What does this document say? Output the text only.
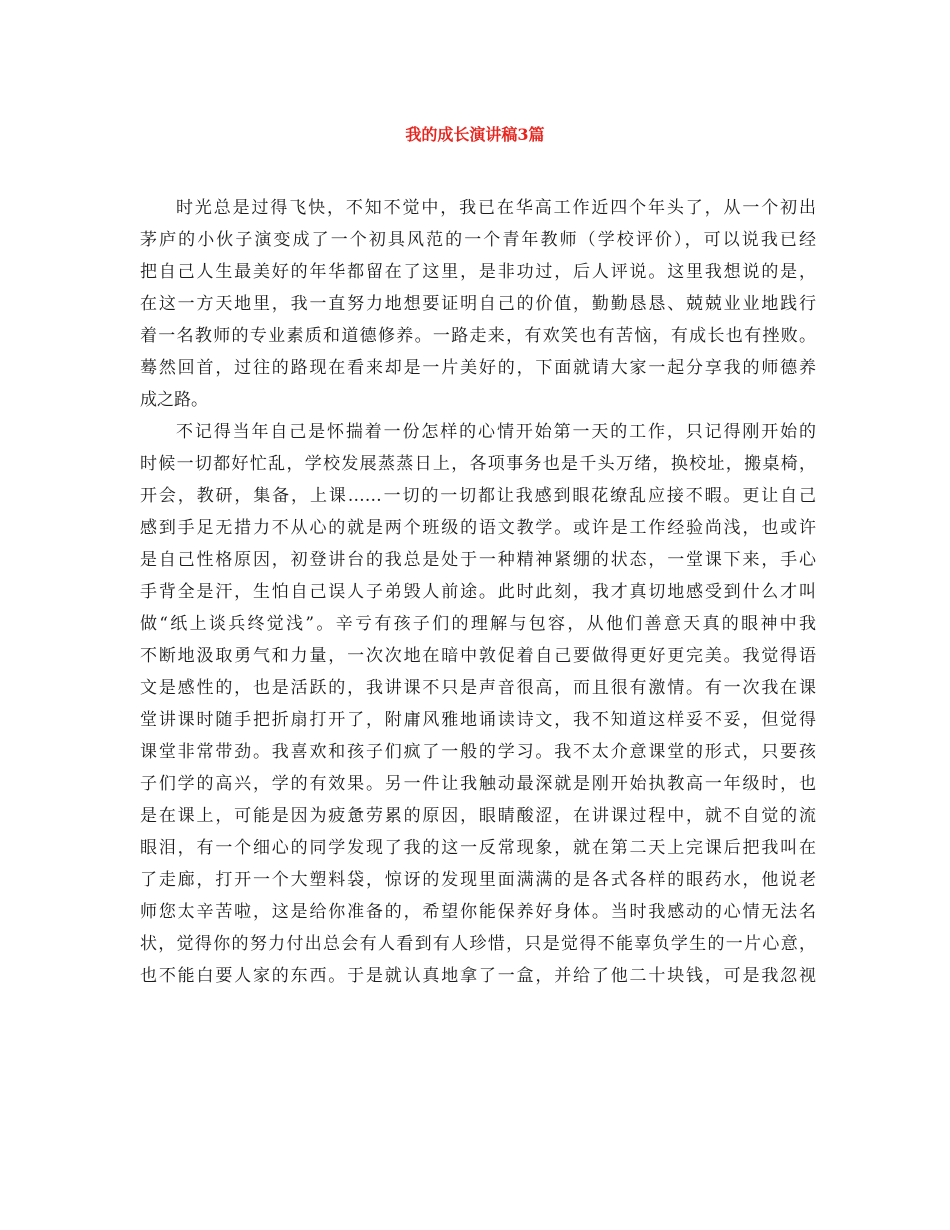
我的成长演讲稿3篇
时光总是过得飞快，不知不觉中，我已在华高工作近四个年头了，从一个初出
茅庐的小伙子演变成了一个初具风范的一个青年教师（学校评价），可以说我已经
把自己人生最美好的年华都留在了这里，是非功过，后人评说。这里我想说的是，
在这一方天地里，我一直努力地想要证明自己的价值，勤勤恳恳、兢兢业业地践行
着一名教师的专业素质和道德修养。一路走来，有欢笑也有苦恼，有成长也有挫败。
蓦然回首，过往的路现在看来却是一片美好的，下面就请大家一起分享我的师德养
成之路。
不记得当年自己是怀揣着一份怎样的心情开始第一天的工作，只记得刚开始的
时候一切都好忙乱，学校发展蒸蒸日上，各项事务也是千头万绪，换校址，搬桌椅，
开会，教研，集备，上课……一切的一切都让我感到眼花缭乱应接不暇。更让自己
感到手足无措力不从心的就是两个班级的语文教学。或许是工作经验尚浅，也或许
是自己性格原因，初登讲台的我总是处于一种精神紧绷的状态，一堂课下来，手心
手背全是汗，生怕自己误人子弟毁人前途。此时此刻，我才真切地感受到什么才叫
做“纸上谈兵终觉浅”。辛亏有孩子们的理解与包容，从他们善意天真的眼神中我
不断地汲取勇气和力量，一次次地在暗中敦促着自己要做得更好更完美。我觉得语
文是感性的，也是活跃的，我讲课不只是声音很高，而且很有激情。有一次我在课
堂讲课时随手把折扇打开了，附庸风雅地诵读诗文，我不知道这样妥不妥，但觉得
课堂非常带劲。我喜欢和孩子们疯了一般的学习。我不太介意课堂的形式，只要孩
子们学的高兴，学的有效果。另一件让我触动最深就是刚开始执教高一年级时，也
是在课上，可能是因为疲惫劳累的原因，眼睛酸涩，在讲课过程中，就不自觉的流
眼泪，有一个细心的同学发现了我的这一反常现象，就在第二天上完课后把我叫在
了走廊，打开一个大塑料袋，惊讶的发现里面满满的是各式各样的眼药水，他说老
师您太辛苦啦，这是给你准备的，希望你能保养好身体。当时我感动的心情无法名
状，觉得你的努力付出总会有人看到有人珍惜，只是觉得不能辜负学生的一片心意，
也不能白要人家的东西。于是就认真地拿了一盒，并给了他二十块钱，可是我忽视
